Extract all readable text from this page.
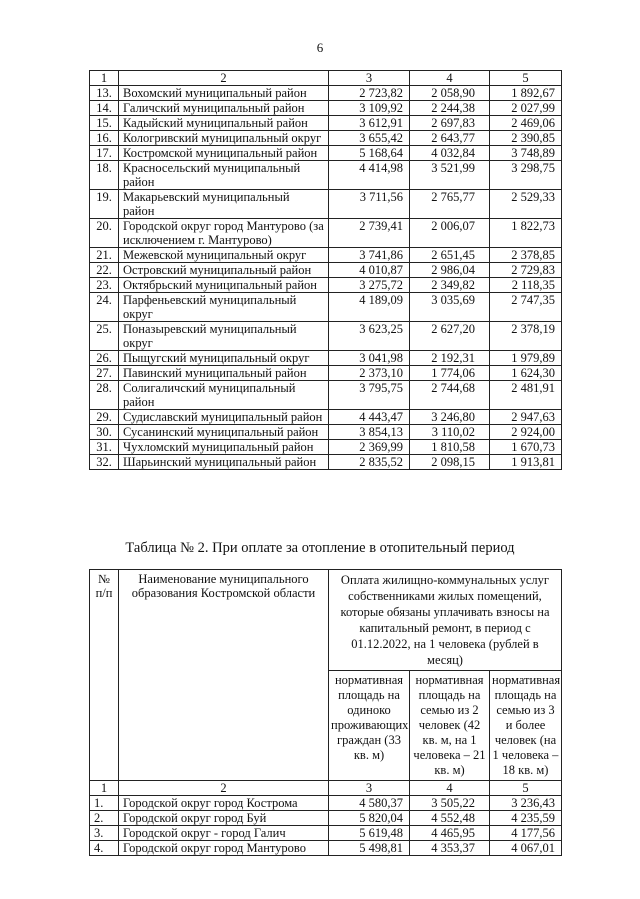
6
1	2	3	4	5
13.	Вохомский муниципальный район	2 723,82	2 058,90	1 892,67
14.	Галичский муниципальный район	3 109,92	2 244,38	2 027,99
15.	Кадыйский муниципальный район	3 612,91	2 697,83	2 469,06
16.	Кологривский муниципальный округ	3 655,42	2 643,77	2 390,85
17.	Костромской муниципальный район	5 168,64	4 032,84	3 748,89
18.	Красносельский муниципальный район	4 414,98	3 521,99	3 298,75
19.	Макарьевский муниципальный район	3 711,56	2 765,77	2 529,33
20.	Городской округ город Мантурово (за исключением г. Мантурово)	2 739,41	2 006,07	1 822,73
21.	Межевской муниципальный округ	3 741,86	2 651,45	2 378,85
22.	Островский муниципальный район	4 010,87	2 986,04	2 729,83
23.	Октябрьский муниципальный район	3 275,72	2 349,82	2 118,35
24.	Парфеньевский муниципальный округ	4 189,09	3 035,69	2 747,35
25.	Поназыревский муниципальный округ	3 623,25	2 627,20	2 378,19
26.	Пыщугский муниципальный округ	3 041,98	2 192,31	1 979,89
27.	Павинский муниципальный район	2 373,10	1 774,06	1 624,30
28.	Солигаличский муниципальный район	3 795,75	2 744,68	2 481,91
29.	Судиславский муниципальный район	4 443,47	3 246,80	2 947,63
30.	Сусанинский муниципальный район	3 854,13	3 110,02	2 924,00
31.	Чухломский муниципальный район	2 369,99	1 810,58	1 670,73
32.	Шарьинский муниципальный район	2 835,52	2 098,15	1 913,81
Таблица № 2. При оплате за отопление в отопительный период
№ п/п	Наименование муниципального образования Костромской области	Оплата жилищно-коммунальных услуг собственниками жилых помещений, которые обязаны уплачивать взносы на капитальный ремонт, в период с 01.12.2022, на 1 человека (рублей в месяц)		
		нормативная площадь на одиноко проживающих граждан (33 кв. м)	нормативная площадь на семью из 2 человек (42 кв. м, на 1 человека – 21 кв. м)	нормативная площадь на семью из 3 и более человек (на 1 человека – 18 кв. м)
1	2	3	4	5
1.	Городской округ город Кострома	4 580,37	3 505,22	3 236,43
2.	Городской округ город Буй	5 820,04	4 552,48	4 235,59
3.	Городской округ - город Галич	5 619,48	4 465,95	4 177,56
4.	Городской округ город Мантурово	5 498,81	4 353,37	4 067,01
